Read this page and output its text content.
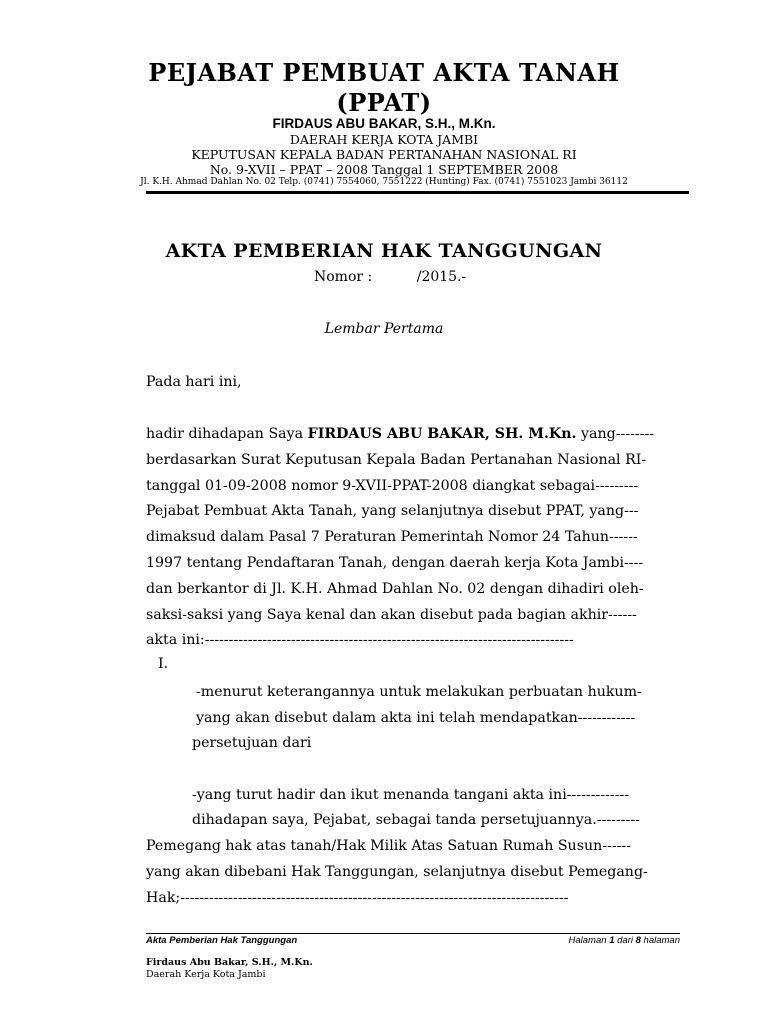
PEJABAT PEMBUAT AKTA TANAH
(PPAT)
FIRDAUS ABU BAKAR, S.H., M.Kn.
DAERAH KERJA KOTA JAMBI
KEPUTUSAN KEPALA BADAN PERTANAHAN NASIONAL RI
No. 9-XVII – PPAT – 2008 Tanggal 1 SEPTEMBER 2008
Jl. K.H. Ahmad Dahlan No. 02 Telp. (0741) 7554060, 7551222 (Hunting) Fax. (0741) 7551023 Jambi 36112
AKTA PEMBERIAN HAK TANGGUNGAN
Nomor :          /2015.-
Lembar Pertama
Pada hari ini,
hadir dihadapan Saya FIRDAUS ABU BAKAR, SH. M.Kn. yang--------
berdasarkan Surat Keputusan Kepala Badan Pertanahan Nasional RI-
tanggal 01-09-2008 nomor 9-XVII-PPAT-2008 diangkat sebagai---------
Pejabat Pembuat Akta Tanah, yang selanjutnya disebut PPAT, yang---
dimaksud dalam Pasal 7 Peraturan Pemerintah Nomor 24 Tahun------
1997 tentang Pendaftaran Tanah, dengan daerah kerja Kota Jambi----
dan berkantor di Jl. K.H. Ahmad Dahlan No. 02 dengan dihadiri oleh-
saksi-saksi yang Saya kenal dan akan disebut pada bagian akhir------
akta ini:-----------------------------------------------------------------------------
I.
-menurut keterangannya untuk melakukan perbuatan hukum-
yang akan disebut dalam akta ini telah mendapatkan------------
persetujuan dari
-yang turut hadir dan ikut menanda tangani akta ini-------------
dihadapan saya, Pejabat, sebagai tanda persetujuannya.---------
Pemegang hak atas tanah/Hak Milik Atas Satuan Rumah Susun------
yang akan dibebani Hak Tanggungan, selanjutnya disebut Pemegang-
Hak;---------------------------------------------------------------------------------
Akta Pemberian Hak Tanggungan	Halaman 1 dari 8 halaman
Firdaus Abu Bakar, S.H., M.Kn.
Daerah Kerja Kota Jambi
